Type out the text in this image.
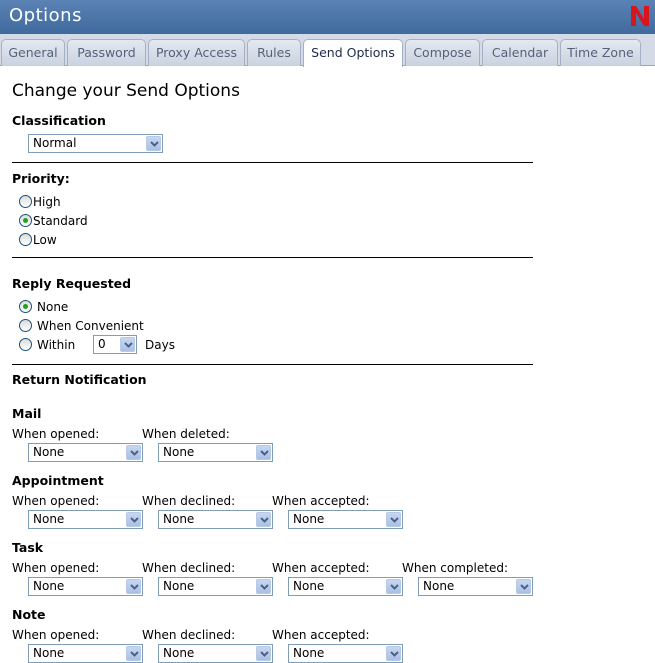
Options
General	Password	Proxy Access	Rules	Send Options	Compose	Calendar	Time Zone
Change your Send Options
Classification
Normal
Priority:
High
Standard
Low
Reply Requested
None
When Convenient
Within 0	Days
Return Notification
Mail
When opened:	When deleted:
None	None
Appointment
When opened:	When declined:	When accepted:
None	None	None
Task
When opened:	When declined:	When accepted:	When completed:
None	None	None	None
Note
When opened:	When declined:	When accepted:
None	None	None
